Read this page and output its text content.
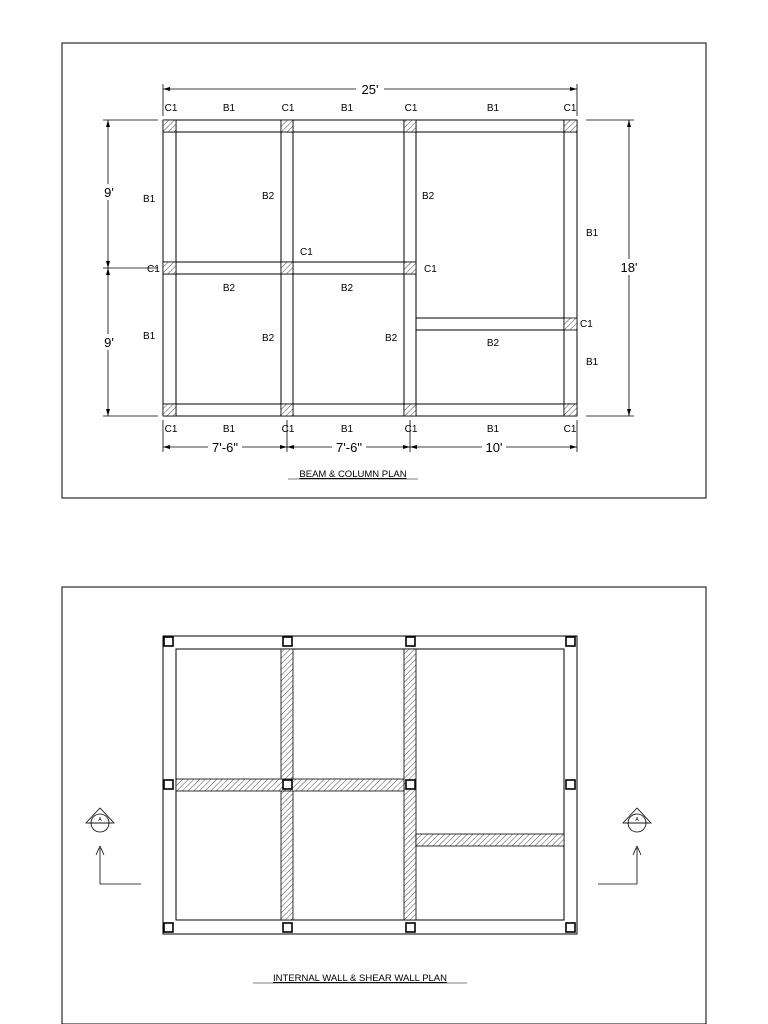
25'
7'-6"	7'-6"	10'
9'
9'
18'
C1	C1	C1	C1
C1	C1	C1	C1
C1
C1
C1
C1
B1	B1	B1
B1	B1	B1
B1
B1
B1
B1
B2
B2
B2
B2
B2	B2
B2
BEAM & COLUMN PLAN
A	A
INTERNAL WALL & SHEAR WALL PLAN
